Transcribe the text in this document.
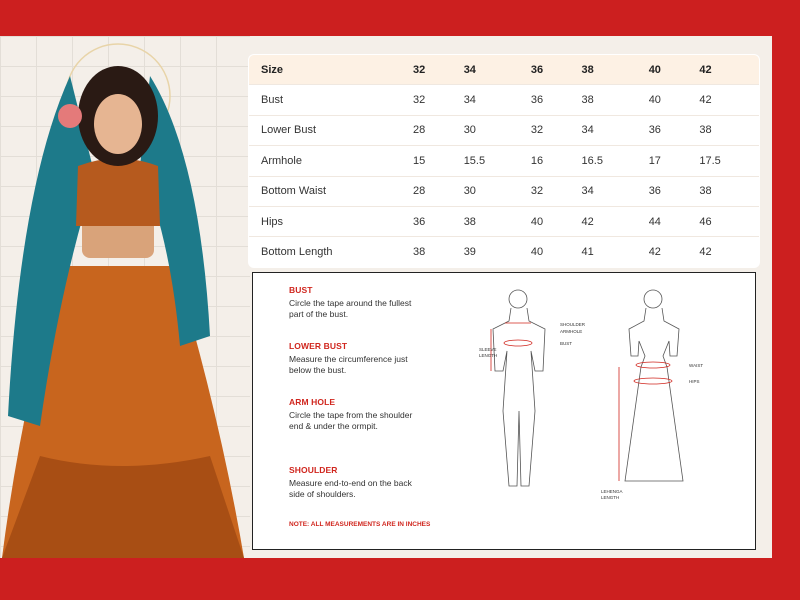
Size	32	34	36	38	40	42
Bust	32	34	36	38	40	42
Lower Bust	28	30	32	34	36	38
Armhole	15	15.5	16	16.5	17	17.5
Bottom Waist	28	30	32	34	36	38
Hips	36	38	40	42	44	46
Bottom Length	38	39	40	41	42	42
BUST
Circle the tape around the fullest part of the bust.
LOWER BUST
Measure the circumference just below the bust.
ARM HOLE
Circle the tape from the shoulder end & under the ormpit.
SHOULDER
Measure end-to-end on the back side of shoulders.
NOTE: ALL MEASUREMENTS ARE IN INCHES
SHOULDER
ARMHOLE
BUST
SLEEVE
LENGTH
WAIST
HIPS
LEHENGA
LENGTH
